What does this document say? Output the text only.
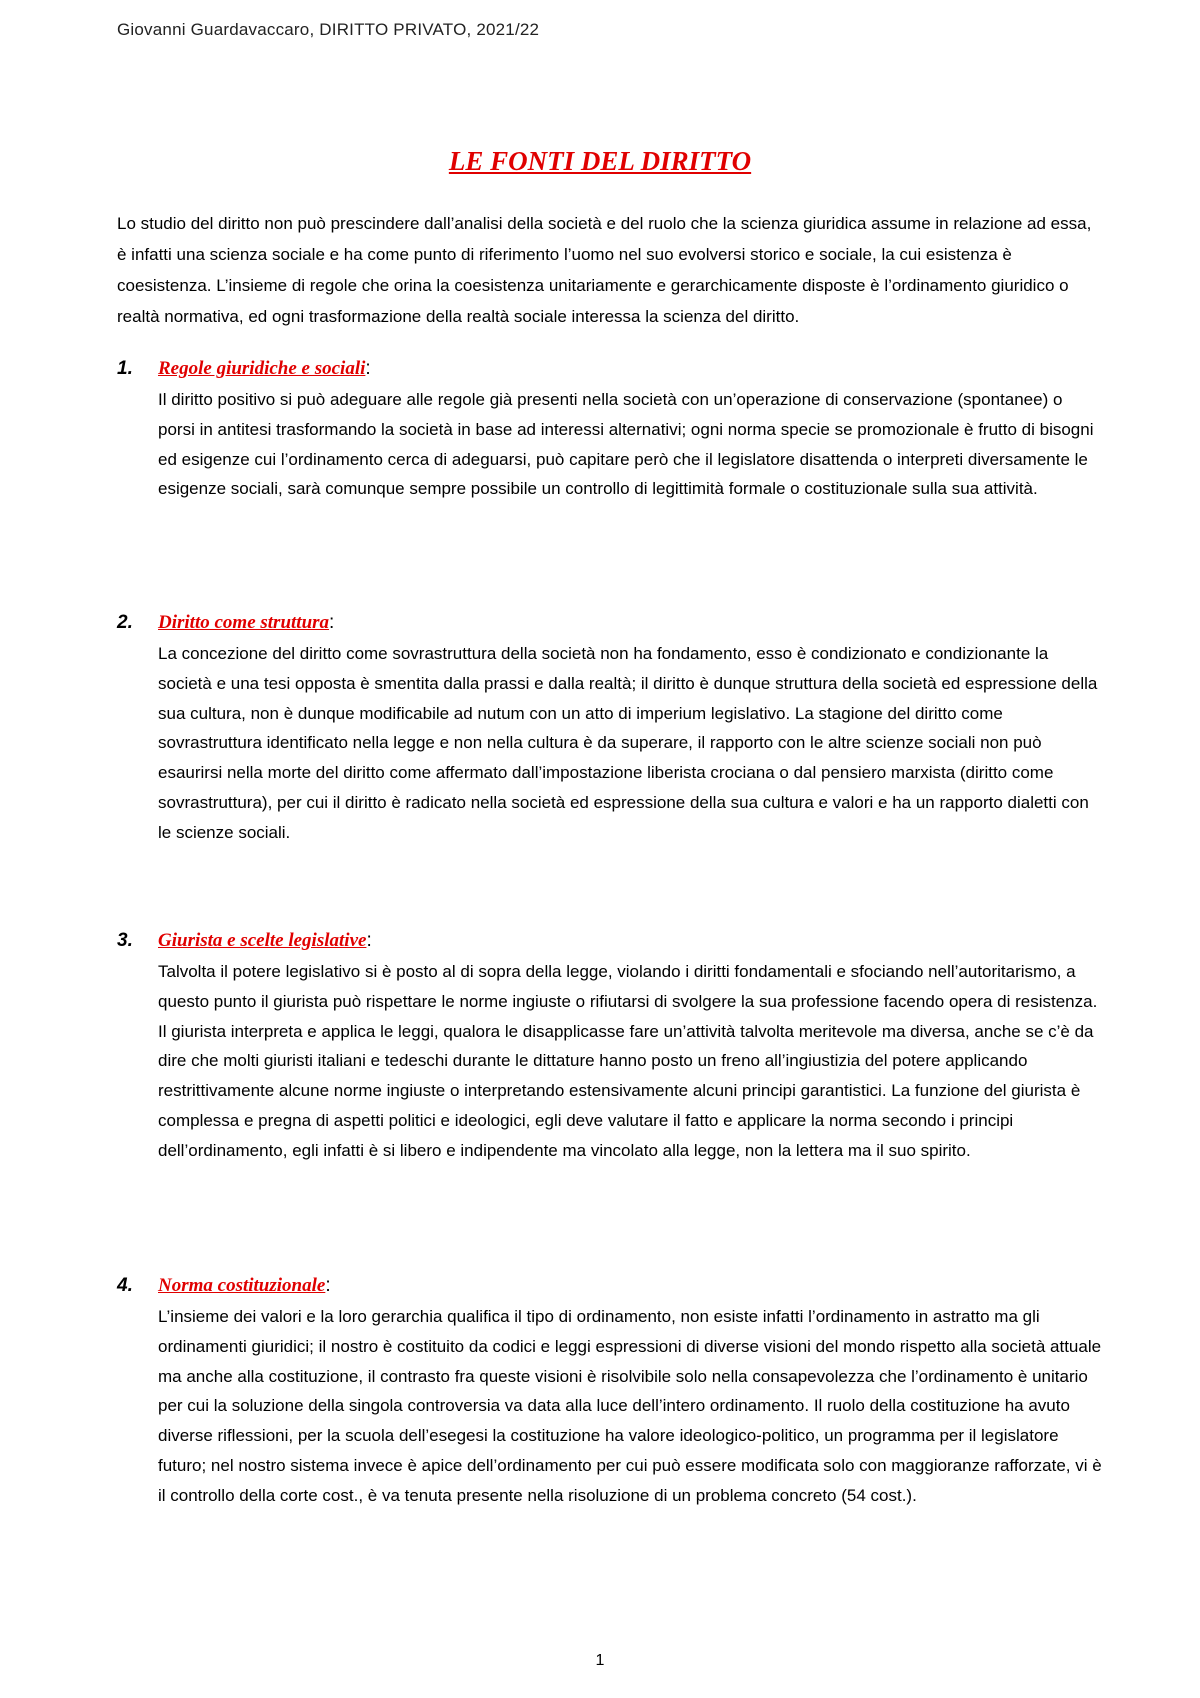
Giovanni Guardavaccaro, DIRITTO PRIVATO, 2021/22
LE FONTI DEL DIRITTO

Lo studio del diritto non può prescindere dall’analisi della società e del ruolo che la scienza giuridica assume in relazione ad essa, è infatti una scienza sociale e ha come punto di riferimento l’uomo nel suo evolversi storico e sociale, la cui esistenza è coesistenza. L’insieme di regole che orina la coesistenza unitariamente e gerarchicamente disposte è l’ordinamento giuridico o realtà normativa, ed ogni trasformazione della realtà sociale interessa la scienza del diritto.

1. Regole giuridiche e sociali:
Il diritto positivo si può adeguare alle regole già presenti nella società con un’operazione di conservazione (spontanee) o porsi in antitesi trasformando la società in base ad interessi alternativi; ogni norma specie se promozionale è frutto di bisogni ed esigenze cui l’ordinamento cerca di adeguarsi, può capitare però che il legislatore disattenda o interpreti diversamente le esigenze sociali, sarà comunque sempre possibile un controllo di legittimità formale o costituzionale sulla sua attività.
2. Diritto come struttura:
La concezione del diritto come sovrastruttura della società non ha fondamento, esso è condizionato e condizionante la società e una tesi opposta è smentita dalla prassi e dalla realtà; il diritto è dunque struttura della società ed espressione della sua cultura, non è dunque modificabile ad nutum con un atto di imperium legislativo. La stagione del diritto come sovrastruttura identificato nella legge e non nella cultura è da superare, il rapporto con le altre scienze sociali non può esaurirsi nella morte del diritto come affermato dall’impostazione liberista crociana o dal pensiero marxista (diritto come sovrastruttura), per cui il diritto è radicato nella società ed espressione della sua cultura e valori e ha un rapporto dialetti con le scienze sociali.
3. Giurista e scelte legislative:
Talvolta il potere legislativo si è posto al di sopra della legge, violando i diritti fondamentali e sfociando nell’autoritarismo, a questo punto il giurista può rispettare le norme ingiuste o rifiutarsi di svolgere la sua professione facendo opera di resistenza. Il giurista interpreta e applica le leggi, qualora le disapplicasse fare un’attività talvolta meritevole ma diversa, anche se c’è da dire che molti giuristi italiani e tedeschi durante le dittature hanno posto un freno all’ingiustizia del potere applicando restrittivamente alcune norme ingiuste o interpretando estensivamente alcuni principi garantistici. La funzione del giurista è complessa e pregna di aspetti politici e ideologici, egli deve valutare il fatto e applicare la norma secondo i principi dell’ordinamento, egli infatti è si libero e indipendente ma vincolato alla legge, non la lettera ma il suo spirito.
4. Norma costituzionale:
L’insieme dei valori e la loro gerarchia qualifica il tipo di ordinamento, non esiste infatti l’ordinamento in astratto ma gli ordinamenti giuridici; il nostro è costituito da codici e leggi espressioni di diverse visioni del mondo rispetto alla società attuale ma anche alla costituzione, il contrasto fra queste visioni è risolvibile solo nella consapevolezza che l’ordinamento è unitario per cui la soluzione della singola controversia va data alla luce dell’intero ordinamento. Il ruolo della costituzione ha avuto diverse riflessioni, per la scuola dell’esegesi la costituzione ha valore ideologico-politico, un programma per il legislatore futuro; nel nostro sistema invece è apice dell’ordinamento per cui può essere modificata solo con maggioranze rafforzate, vi è il controllo della corte cost., è va tenuta presente nella risoluzione di un problema concreto (54 cost.).
1
